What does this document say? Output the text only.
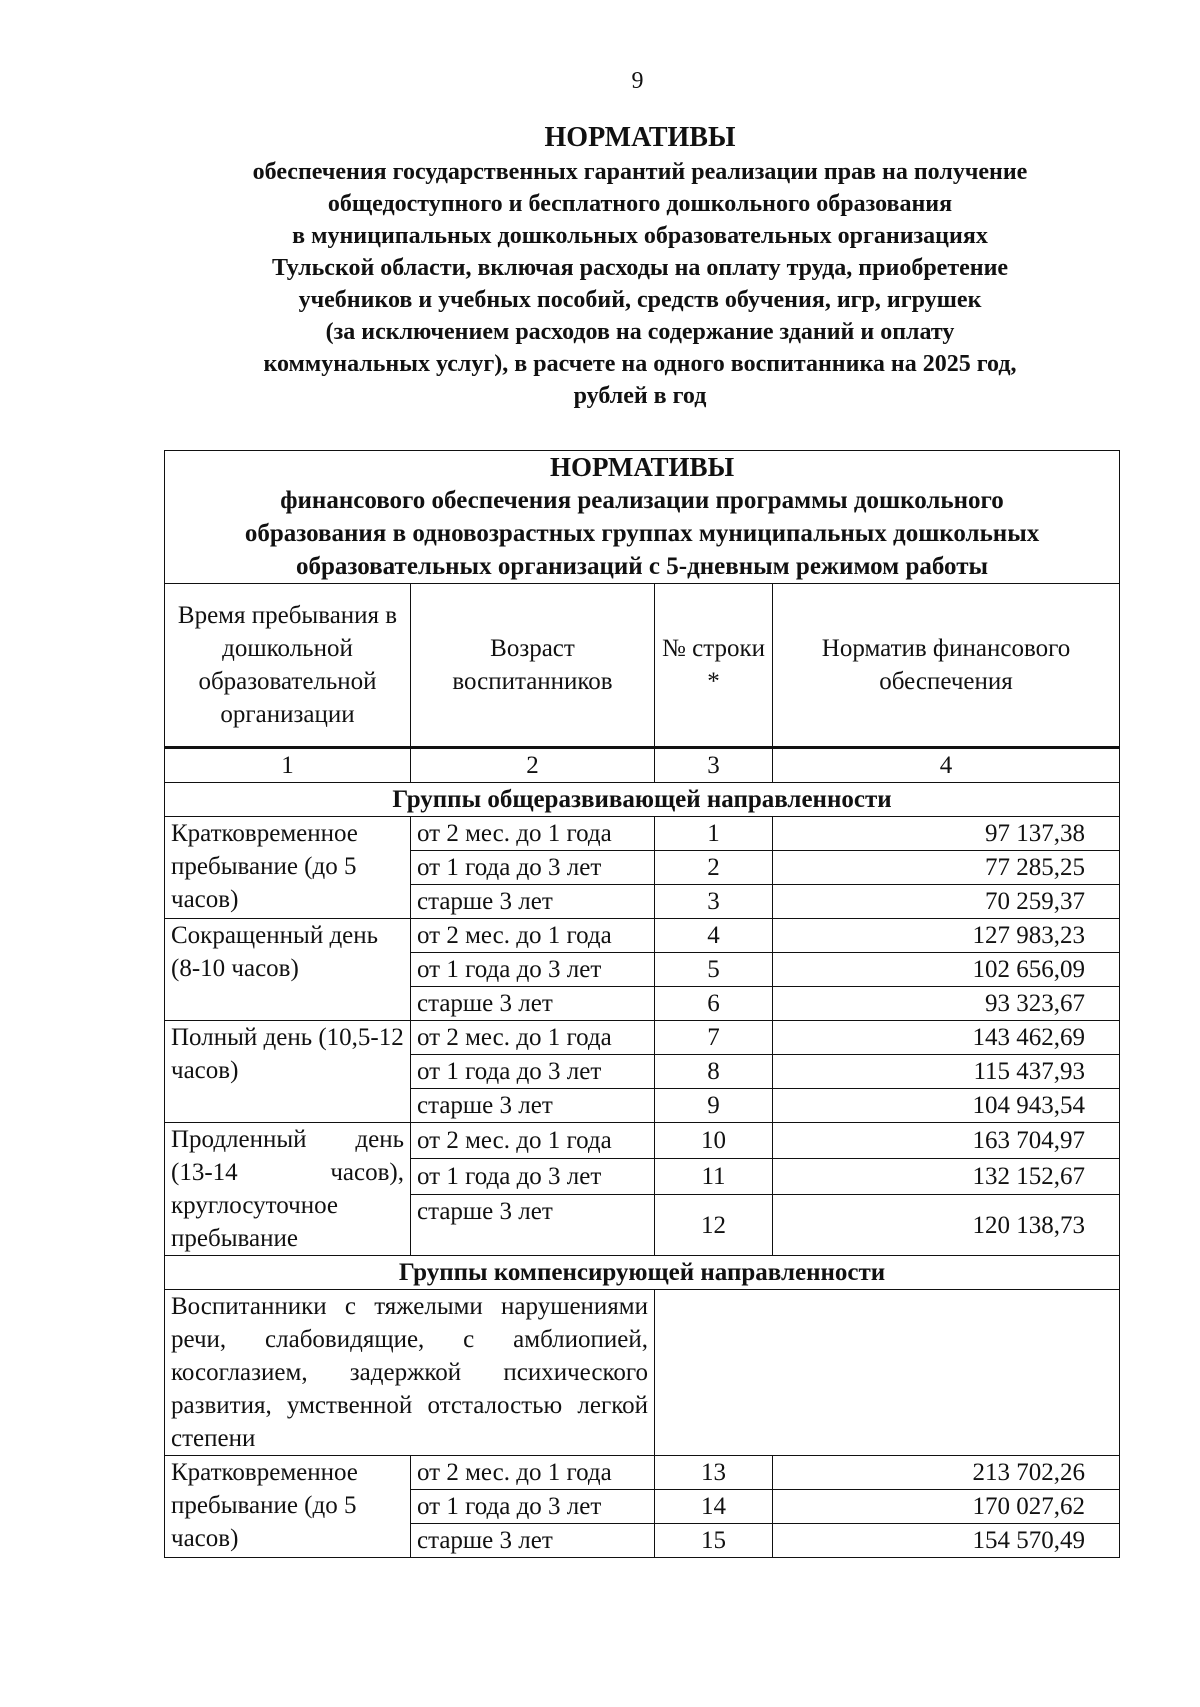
9
НОРМАТИВЫ
обеспечения государственных гарантий реализации прав на получение
общедоступного и бесплатного дошкольного образования
в муниципальных дошкольных образовательных организациях
Тульской области, включая расходы на оплату труда, приобретение
учебников и учебных пособий, средств обучения, игр, игрушек
(за исключением расходов на содержание зданий и оплату
коммунальных услуг), в расчете на одного воспитанника на 2025 год,
рублей в год
НОРМАТИВЫ
финансового обеспечения реализации программы дошкольного
образования в одновозрастных группах муниципальных дошкольных
образовательных организаций с 5-дневным режимом работы			

Время пребывания в дошкольной образовательной организации	Возраст воспитанников	№ строки *	Норматив финансового обеспечения
1	2	3	4
Группы общеразвивающей направленности			
Кратковременное пребывание (до 5 часов)	от 2 мес. до 1 года	1	97 137,38
	от 1 года до 3 лет	2	77 285,25
	старше 3 лет	3	70 259,37
Сокращенный день (8-10 часов)	от 2 мес. до 1 года	4	127 983,23
	от 1 года до 3 лет	5	102 656,09
	старше 3 лет	6	93 323,67
Полный день (10,5-12 часов)	от 2 мес. до 1 года	7	143 462,69
	от 1 года до 3 лет	8	115 437,93
	старше 3 лет	9	104 943,54
Продленный день (13-14 часов), круглосуточное пребывание	от 2 мес. до 1 года	10	163 704,97
	от 1 года до 3 лет	11	132 152,67
	старше 3 лет	12	120 138,73
Группы компенсирующей направленности			
Воспитанники с тяжелыми нарушениями речи, слабовидящие, с амблиопией, косоглазием, задержкой психического развития, умственной отсталостью легкой степени			
Кратковременное пребывание (до 5 часов)	от 2 мес. до 1 года	13	213 702,26
	от 1 года до 3 лет	14	170 027,62
	старше 3 лет	15	154 570,49
